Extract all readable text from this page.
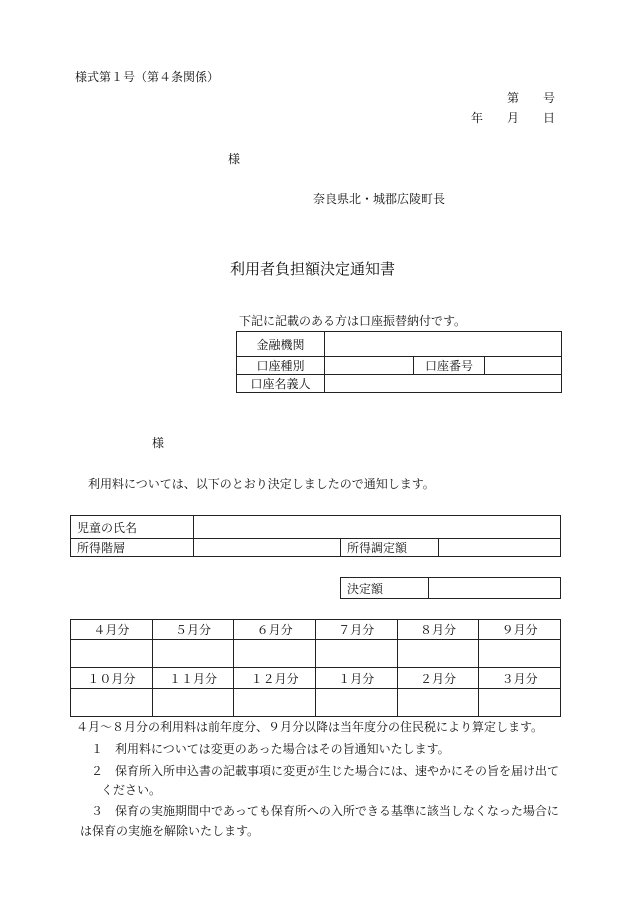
様式第１号（第４条関係）
第　　号
年　　月　　日
様
奈良県北・城郡広陵町長
利用者負担額決定通知書
下記に記載のある方は口座振替納付です。
金融機関			
口座種別		口座番号	
口座名義人			
様
利用料については、以下のとおり決定しましたので通知します。
児童の氏名			
所得階層		所得調定額	
決定額	
４月分	５月分	６月分	７月分	８月分	９月分

１０月分	１１月分	１２月分	１月分	２月分	３月分

４月～８月分の利用料は前年度分、９月分以降は当年度分の住民税により算定します。
１　利用料については変更のあった場合はその旨通知いたします。
２　保育所入所申込書の記載事項に変更が生じた場合には、速やかにその旨を届け出て
ください。
３　保育の実施期間中であっても保育所への入所できる基準に該当しなくなった場合に
は保育の実施を解除いたします。
